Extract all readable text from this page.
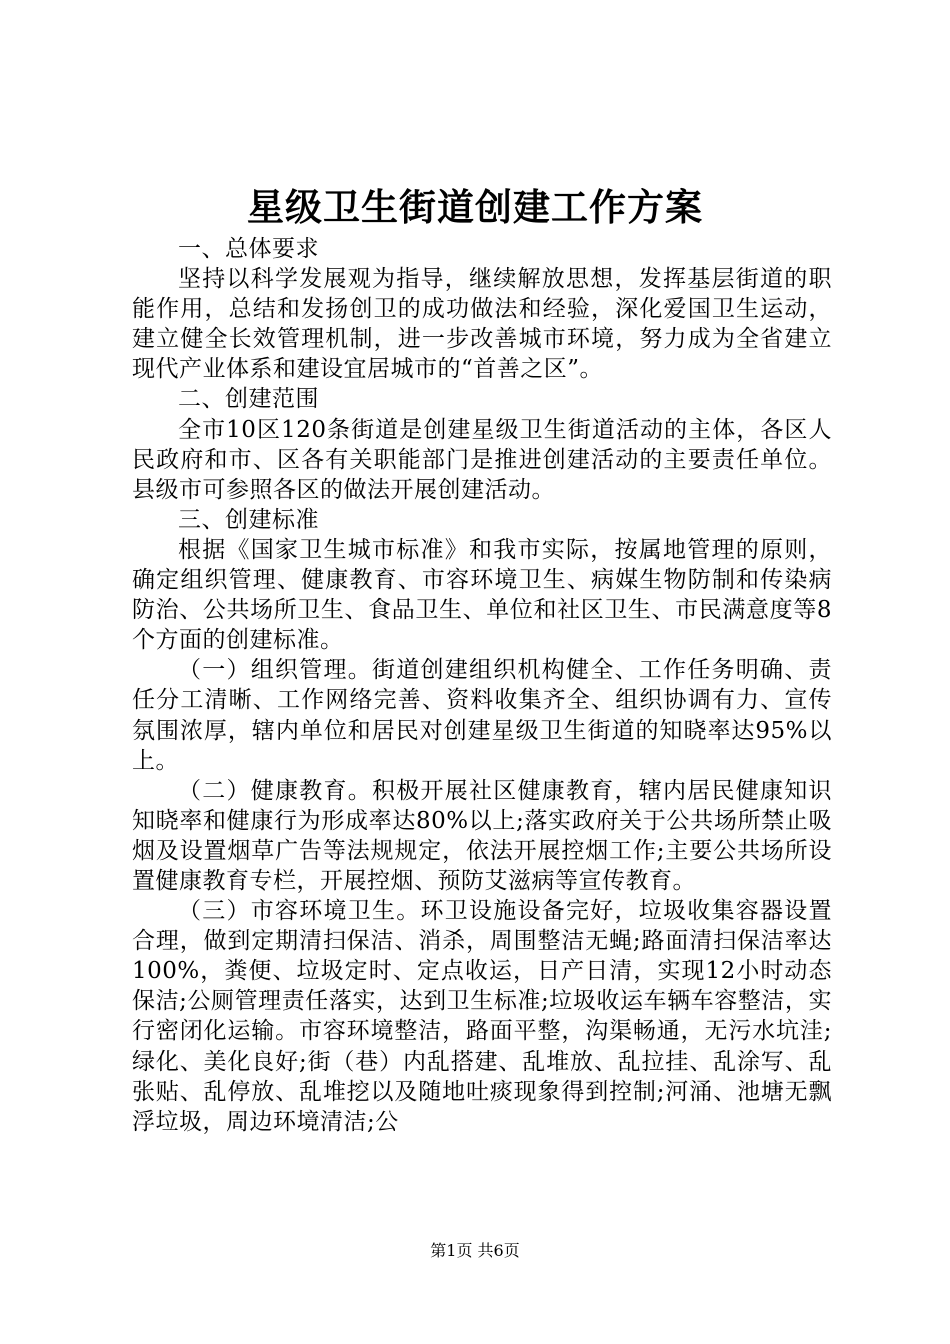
星级卫生街道创建工作方案

一、总体要求

坚持以科学发展观为指导，继续解放思想，发挥基层街道的职能作用，总结和发扬创卫的成功做法和经验，深化爱国卫生运动，建立健全长效管理机制，进一步改善城市环境，努力成为全省建立现代产业体系和建设宜居城市的“首善之区”。

二、创建范围

全市10区120条街道是创建星级卫生街道活动的主体，各区人民政府和市、区各有关职能部门是推进创建活动的主要责任单位。县级市可参照各区的做法开展创建活动。

三、创建标准

根据《国家卫生城市标准》和我市实际，按属地管理的原则，确定组织管理、健康教育、市容环境卫生、病媒生物防制和传染病防治、公共场所卫生、食品卫生、单位和社区卫生、市民满意度等8个方面的创建标准。

（一）组织管理。街道创建组织机构健全、工作任务明确、责任分工清晰、工作网络完善、资料收集齐全、组织协调有力、宣传氛围浓厚，辖内单位和居民对创建星级卫生街道的知晓率达95%以上。

（二）健康教育。积极开展社区健康教育，辖内居民健康知识知晓率和健康行为形成率达80%以上;落实政府关于公共场所禁止吸烟及设置烟草广告等法规规定，依法开展控烟工作;主要公共场所设置健康教育专栏，开展控烟、预防艾滋病等宣传教育。

（三）市容环境卫生。环卫设施设备完好，垃圾收集容器设置合理，做到定期清扫保洁、消杀，周围整洁无蝇;路面清扫保洁率达100%，粪便、垃圾定时、定点收运，日产日清，实现12小时动态保洁;公厕管理责任落实，达到卫生标准;垃圾收运车辆车容整洁，实行密闭化运输。市容环境整洁，路面平整，沟渠畅通，无污水坑洼;绿化、美化良好;街（巷）内乱搭建、乱堆放、乱拉挂、乱涂写、乱张贴、乱停放、乱堆挖以及随地吐痰现象得到控制;河涌、池塘无飘浮垃圾，周边环境清洁;公

第1页 共6页
